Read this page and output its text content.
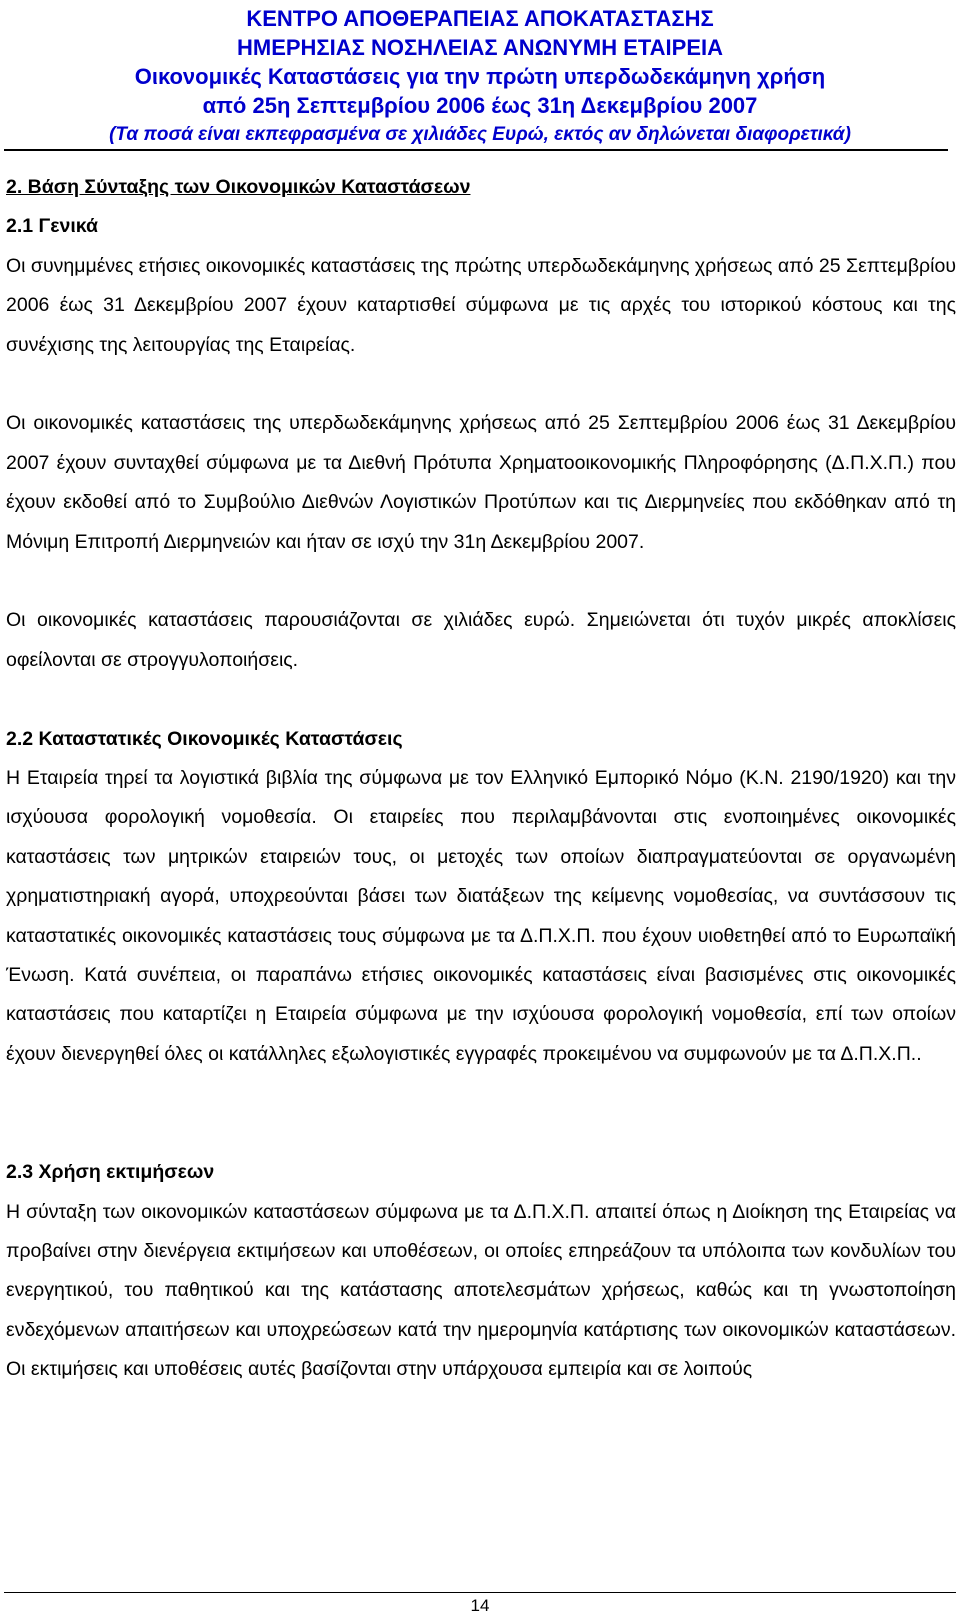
ΚΕΝΤΡΟ ΑΠΟΘΕΡΑΠΕΙΑΣ ΑΠΟΚΑΤΑΣΤΑΣΗΣ
ΗΜΕΡΗΣΙΑΣ ΝΟΣΗΛΕΙΑΣ ΑΝΩΝΥΜΗ ΕΤΑΙΡΕΙΑ
Οικονομικές Καταστάσεις για την πρώτη υπερδωδεκάμηνη χρήση
από 25η Σεπτεμβρίου 2006 έως 31η Δεκεμβρίου 2007
(Τα ποσά είναι εκπεφρασμένα σε χιλιάδες Ευρώ, εκτός αν δηλώνεται διαφορετικά)

2. Βάση Σύνταξης των Οικονομικών Καταστάσεων

2.1 Γενικά

Οι συνημμένες ετήσιες οικονομικές καταστάσεις της πρώτης υπερδωδεκάμηνης χρήσεως από 25 Σεπτεμβρίου 2006 έως 31 Δεκεμβρίου 2007 έχουν καταρτισθεί σύμφωνα με τις αρχές του ιστορικού κόστους και της συνέχισης της λειτουργίας της Εταιρείας.

Οι οικονομικές καταστάσεις της υπερδωδεκάμηνης χρήσεως από 25 Σεπτεμβρίου 2006 έως 31 Δεκεμβρίου 2007 έχουν συνταχθεί σύμφωνα με τα Διεθνή Πρότυπα Χρηματοοικονομικής Πληροφόρησης (Δ.Π.Χ.Π.) που έχουν εκδοθεί από το Συμβούλιο Διεθνών Λογιστικών Προτύπων και τις Διερμηνείες που εκδόθηκαν από τη Μόνιμη Επιτροπή Διερμηνειών και ήταν σε ισχύ την 31η Δεκεμβρίου 2007.

Οι οικονομικές καταστάσεις παρουσιάζονται σε χιλιάδες ευρώ. Σημειώνεται ότι τυχόν μικρές αποκλίσεις οφείλονται σε στρογγυλοποιήσεις.

2.2 Καταστατικές Οικονομικές Καταστάσεις

Η Εταιρεία τηρεί τα λογιστικά βιβλία της σύμφωνα με τον Ελληνικό Εμπορικό Νόμο (Κ.Ν. 2190/1920) και την ισχύουσα φορολογική νομοθεσία. Οι εταιρείες που περιλαμβάνονται στις ενοποιημένες οικονομικές καταστάσεις των μητρικών εταιρειών τους, οι μετοχές των οποίων διαπραγματεύονται σε οργανωμένη χρηματιστηριακή αγορά, υποχρεούνται βάσει των διατάξεων της κείμενης νομοθεσίας, να συντάσσουν τις καταστατικές οικονομικές καταστάσεις τους σύμφωνα με τα Δ.Π.Χ.Π. που έχουν υιοθετηθεί από το Ευρωπαϊκή Ένωση. Κατά συνέπεια, οι παραπάνω ετήσιες οικονομικές καταστάσεις είναι βασισμένες στις οικονομικές καταστάσεις που καταρτίζει η Εταιρεία σύμφωνα με την ισχύουσα φορολογική νομοθεσία, επί των οποίων έχουν διενεργηθεί όλες οι κατάλληλες εξωλογιστικές εγγραφές προκειμένου να συμφωνούν με τα Δ.Π.Χ.Π..

2.3 Χρήση εκτιμήσεων

Η σύνταξη των οικονομικών καταστάσεων σύμφωνα με τα Δ.Π.Χ.Π. απαιτεί όπως η Διοίκηση της Εταιρείας να προβαίνει στην διενέργεια εκτιμήσεων και υποθέσεων, οι οποίες επηρεάζουν τα υπόλοιπα των κονδυλίων του ενεργητικού, του παθητικού και της κατάστασης αποτελεσμάτων χρήσεως, καθώς και τη γνωστοποίηση ενδεχόμενων απαιτήσεων και υποχρεώσεων κατά την ημερομηνία κατάρτισης των οικονομικών καταστάσεων. Οι εκτιμήσεις και υποθέσεις αυτές βασίζονται στην υπάρχουσα εμπειρία και σε λοιπούς

14
